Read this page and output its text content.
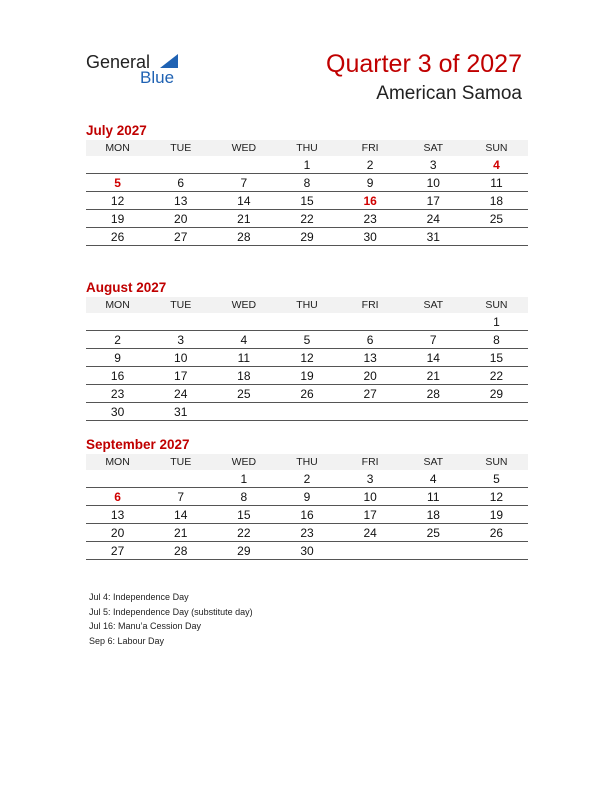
General
Blue	Quarter 3 of 2027
American Samoa
July 2027
MON	TUE	WED	THU	FRI	SAT	SUN
			1	2	3	4
5	6	7	8	9	10	11
12	13	14	15	16	17	18
19	20	21	22	23	24	25
26	27	28	29	30	31	
August 2027
MON	TUE	WED	THU	FRI	SAT	SUN
						1
2	3	4	5	6	7	8
9	10	11	12	13	14	15
16	17	18	19	20	21	22
23	24	25	26	27	28	29
30	31					
September 2027
MON	TUE	WED	THU	FRI	SAT	SUN
		1	2	3	4	5
6	7	8	9	10	11	12
13	14	15	16	17	18	19
20	21	22	23	24	25	26
27	28	29	30			
Jul 4: Independence Day
Jul 5: Independence Day (substitute day)
Jul 16: Manu’a Cession Day
Sep 6: Labour Day
